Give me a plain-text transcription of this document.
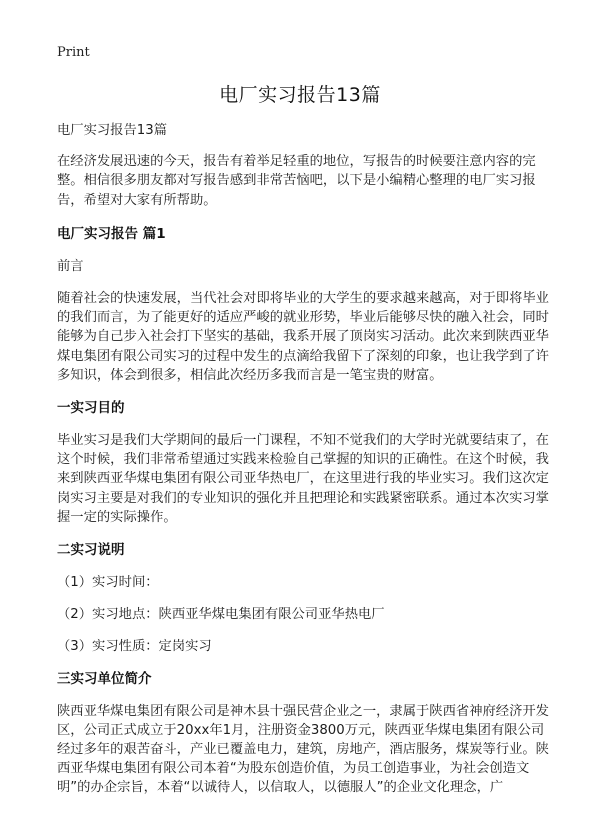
Print
电厂实习报告13篇

电厂实习报告13篇

在经济发展迅速的今天，报告有着举足轻重的地位，写报告的时候要注意内容的完整。相信很多朋友都对写报告感到非常苦恼吧，以下是小编精心整理的电厂实习报告，希望对大家有所帮助。

电厂实习报告 篇1

前言

随着社会的快速发展，当代社会对即将毕业的大学生的要求越来越高，对于即将毕业的我们而言，为了能更好的适应严峻的就业形势，毕业后能够尽快的融入社会，同时能够为自己步入社会打下坚实的基础，我系开展了顶岗实习活动。此次来到陕西亚华煤电集团有限公司实习的过程中发生的点滴给我留下了深刻的印象，也让我学到了许多知识，体会到很多，相信此次经历多我而言是一笔宝贵的财富。

一实习目的

毕业实习是我们大学期间的最后一门课程，不知不觉我们的大学时光就要结束了，在这个时候，我们非常希望通过实践来检验自己掌握的知识的正确性。在这个时候，我来到陕西亚华煤电集团有限公司亚华热电厂，在这里进行我的毕业实习。我们这次定岗实习主要是对我们的专业知识的强化并且把理论和实践紧密联系。通过本次实习掌握一定的实际操作。

二实习说明

（1）实习时间：

（2）实习地点：陕西亚华煤电集团有限公司亚华热电厂

（3）实习性质：定岗实习

三实习单位简介

陕西亚华煤电集团有限公司是神木县十强民营企业之一，隶属于陕西省神府经济开发区，公司正式成立于20xx年1月，注册资金3800万元，陕西亚华煤电集团有限公司经过多年的艰苦奋斗，产业已覆盖电力，建筑，房地产，酒店服务，煤炭等行业。陕西亚华煤电集团有限公司本着“为股东创造价值，为员工创造事业，为社会创造文明”的办企宗旨，本着“以诚待人，以信取人，以德服人”的企业文化理念，广
